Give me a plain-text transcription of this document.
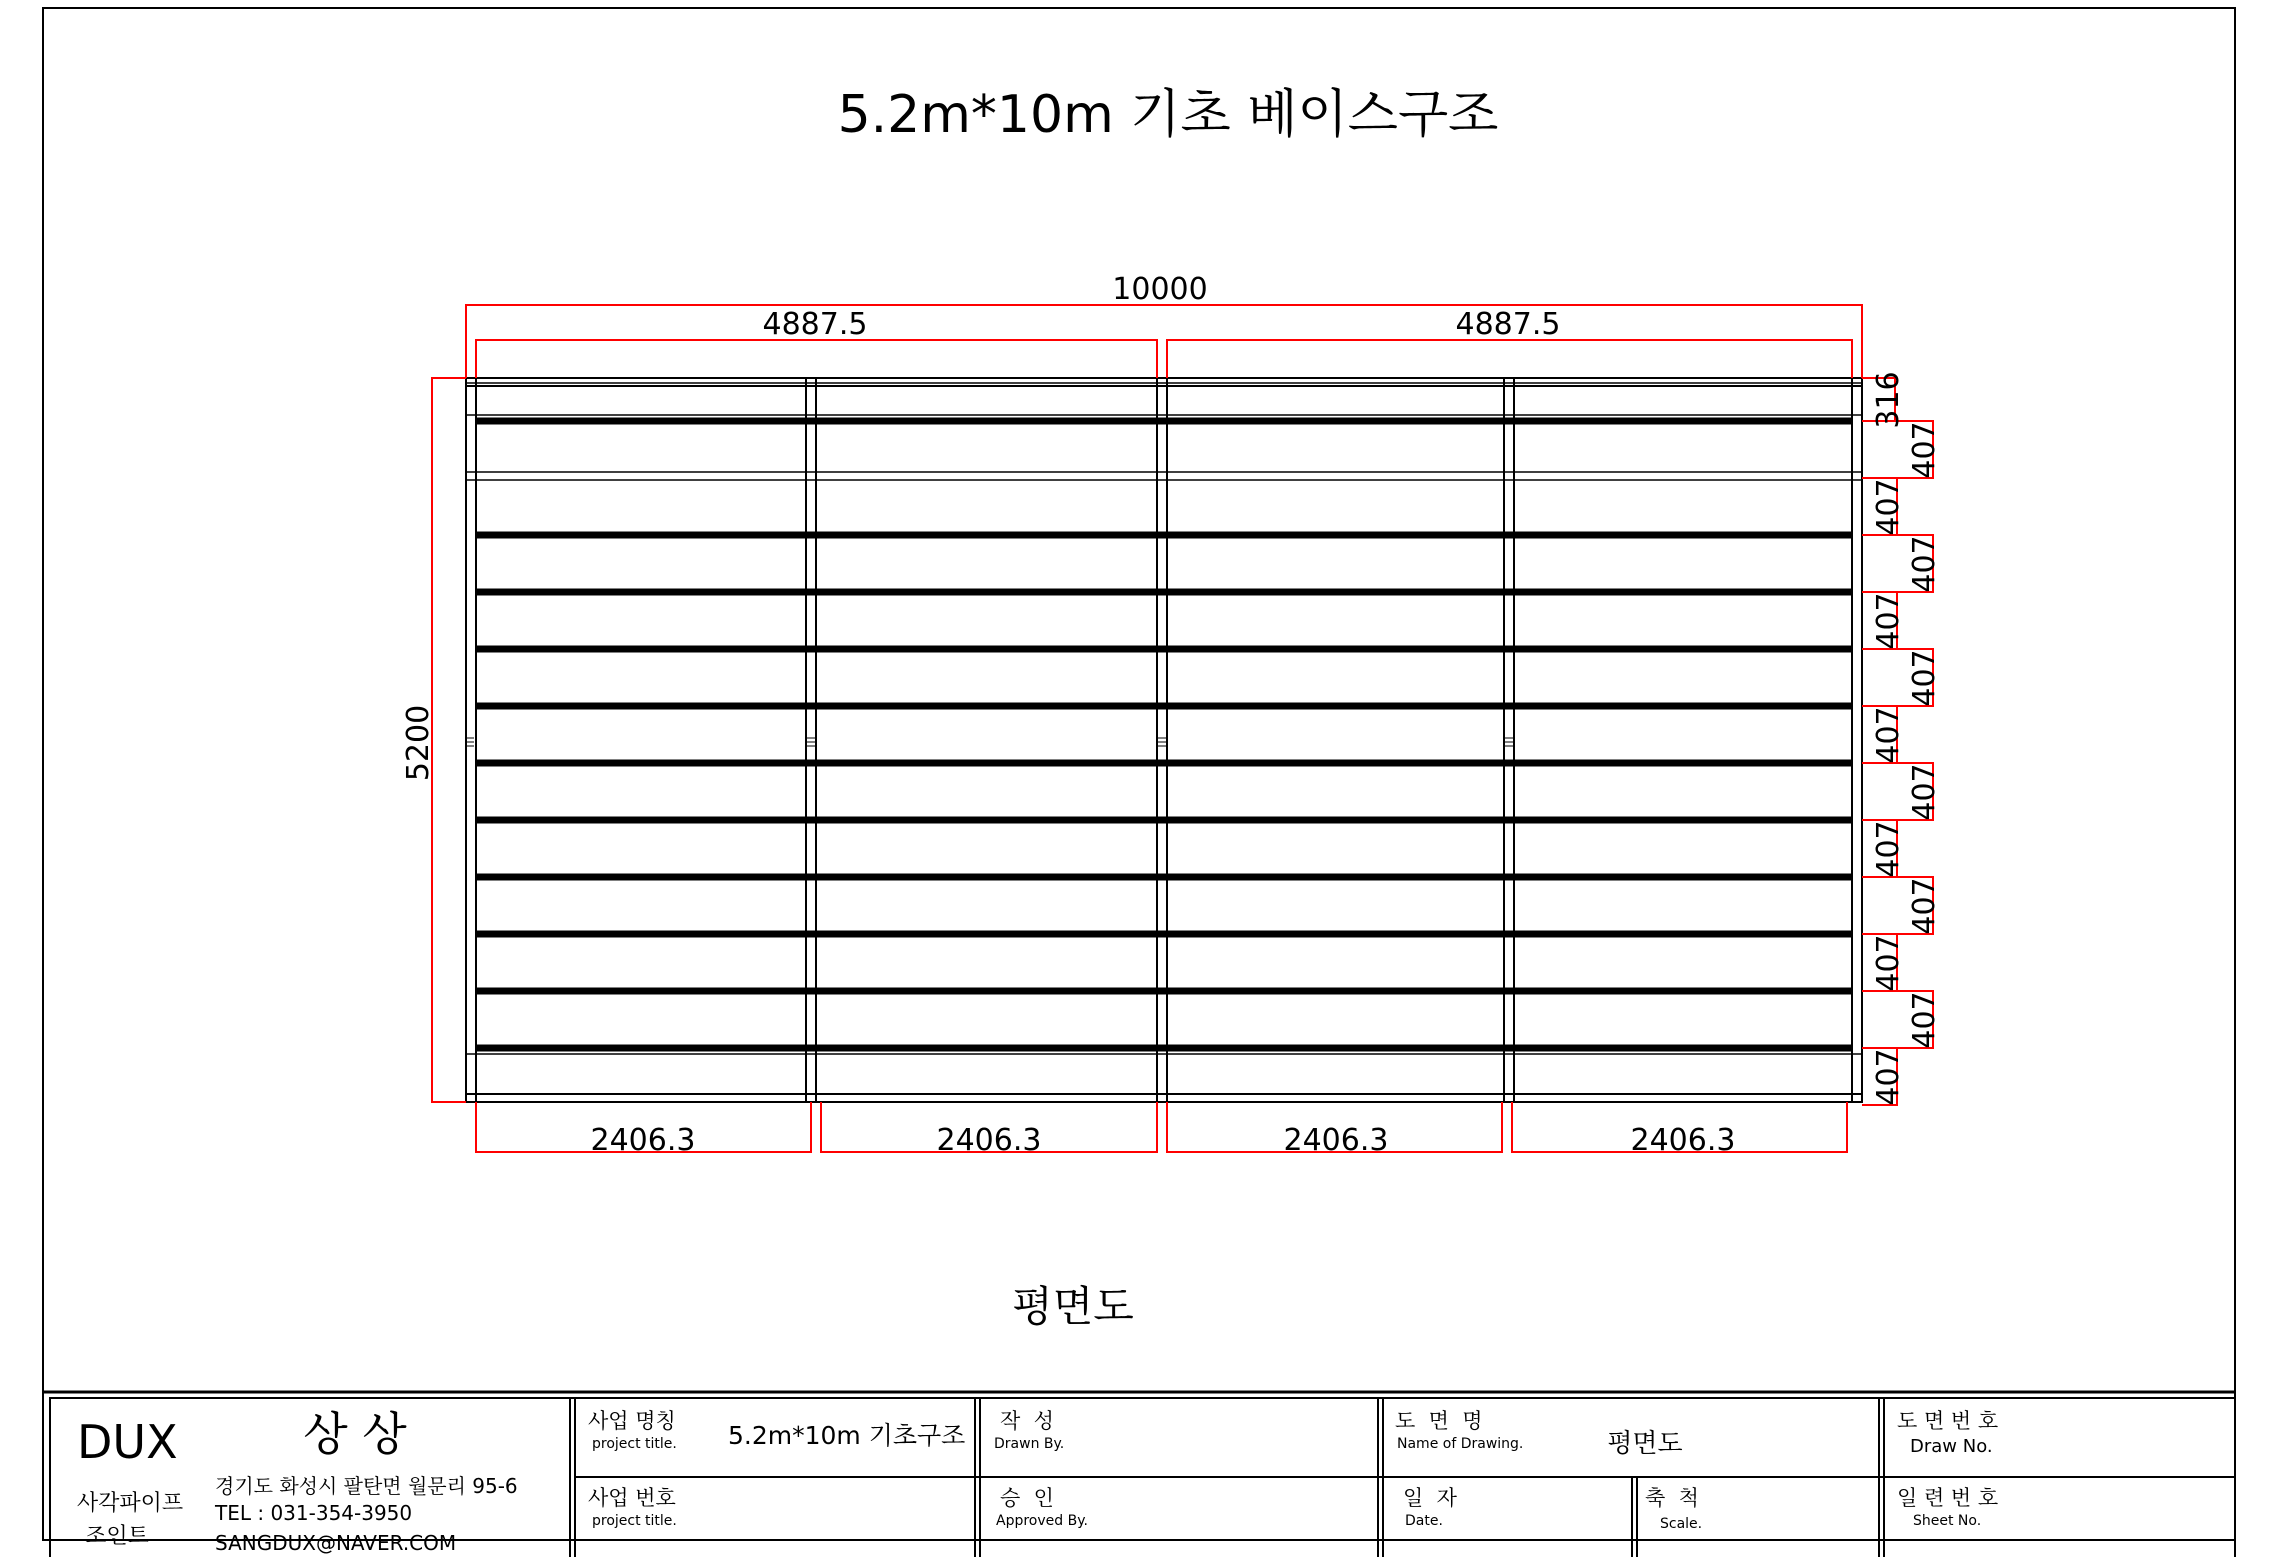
5.2m*10m 기초 베이스구조
10000
4887.5	4887.5
2406.3	2406.3	2406.3	2406.3
5200
316
407
407
407
407
407
407
407
407
407
407
407
407
평면도
DUX	상 상
사각파이프
조인트
경기도 화성시 팔탄면 월문리 95-6
TEL : 031-354-3950
SANGDUX@NAVER.COM
사업 명칭
project title. 5.2m*10m 기초구조
사업 번호
project title.
작  성
Drawn By.
승  인
Approved By.
도  면  명
Name of Drawing.	평면도
일  자
Date.
축  척
Scale.
도 면 번 호
Draw No.
일 련 번 호
Sheet No.
